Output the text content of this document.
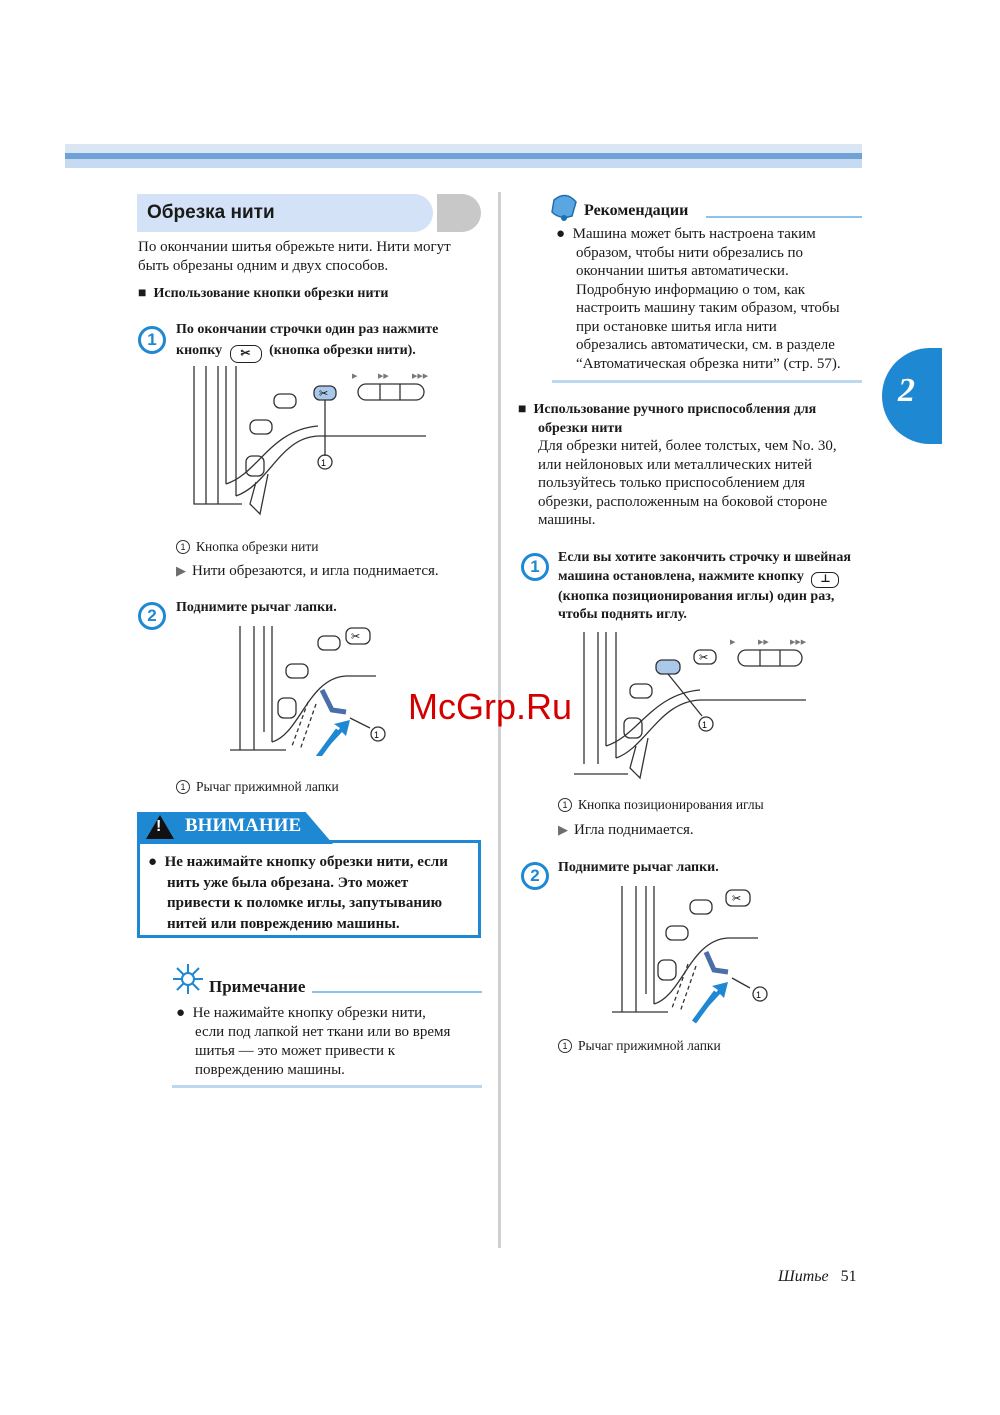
2
Обрезка нити
По окончании шитья обрежьте нити. Нити могут
быть обрезаны одним и двух способов.
■ Использование кнопки обрезки нити
1
По окончании строчки один раз нажмите
кнопку ✂ (кнопка обрезки нити).
✂
1
▶	▶▶	▶▶▶
1 Кнопка обрезки нити
▶ Нити обрезаются, и игла поднимается.
2	Поднимите рычаг лапки.
✂
1
1 Рычаг прижимной лапки
! ВНИМАНИЕ
● Не нажимайте кнопку обрезки нити, если
нить уже была обрезана. Это может
привести к поломке иглы, запутыванию
нитей или повреждению машины.
Примечание
● Не нажимайте кнопку обрезки нити,
если под лапкой нет ткани или во время
шитья — это может привести к
повреждению машины.
Рекомендации
● Машина может быть настроена таким
образом, чтобы нити обрезались по
окончании шитья автоматически.
Подробную информацию о том, как
настроить машину таким образом, чтобы
при остановке шитья игла нити
обрезались автоматически, см. в разделе
“Автоматическая обрезка нити” (стр. 57).
■ Использование ручного приспособления для
обрезки нити
Для обрезки нитей, более толстых, чем No. 30,
или нейлоновых или металлических нитей
пользуйтесь только приспособлением для
обрезки, расположенным на боковой стороне
машины.
1	Если вы хотите закончить строчку и швейная
машина остановлена, нажмите кнопку ⊥
(кнопка позиционирования иглы) один раз,
чтобы поднять иглу.
✂
1
▶	▶▶	▶▶▶
1 Кнопка позиционирования иглы
▶ Игла поднимается.
2	Поднимите рычаг лапки.
✂
1
1 Рычаг прижимной лапки
McGrp.Ru
Шитье 51
